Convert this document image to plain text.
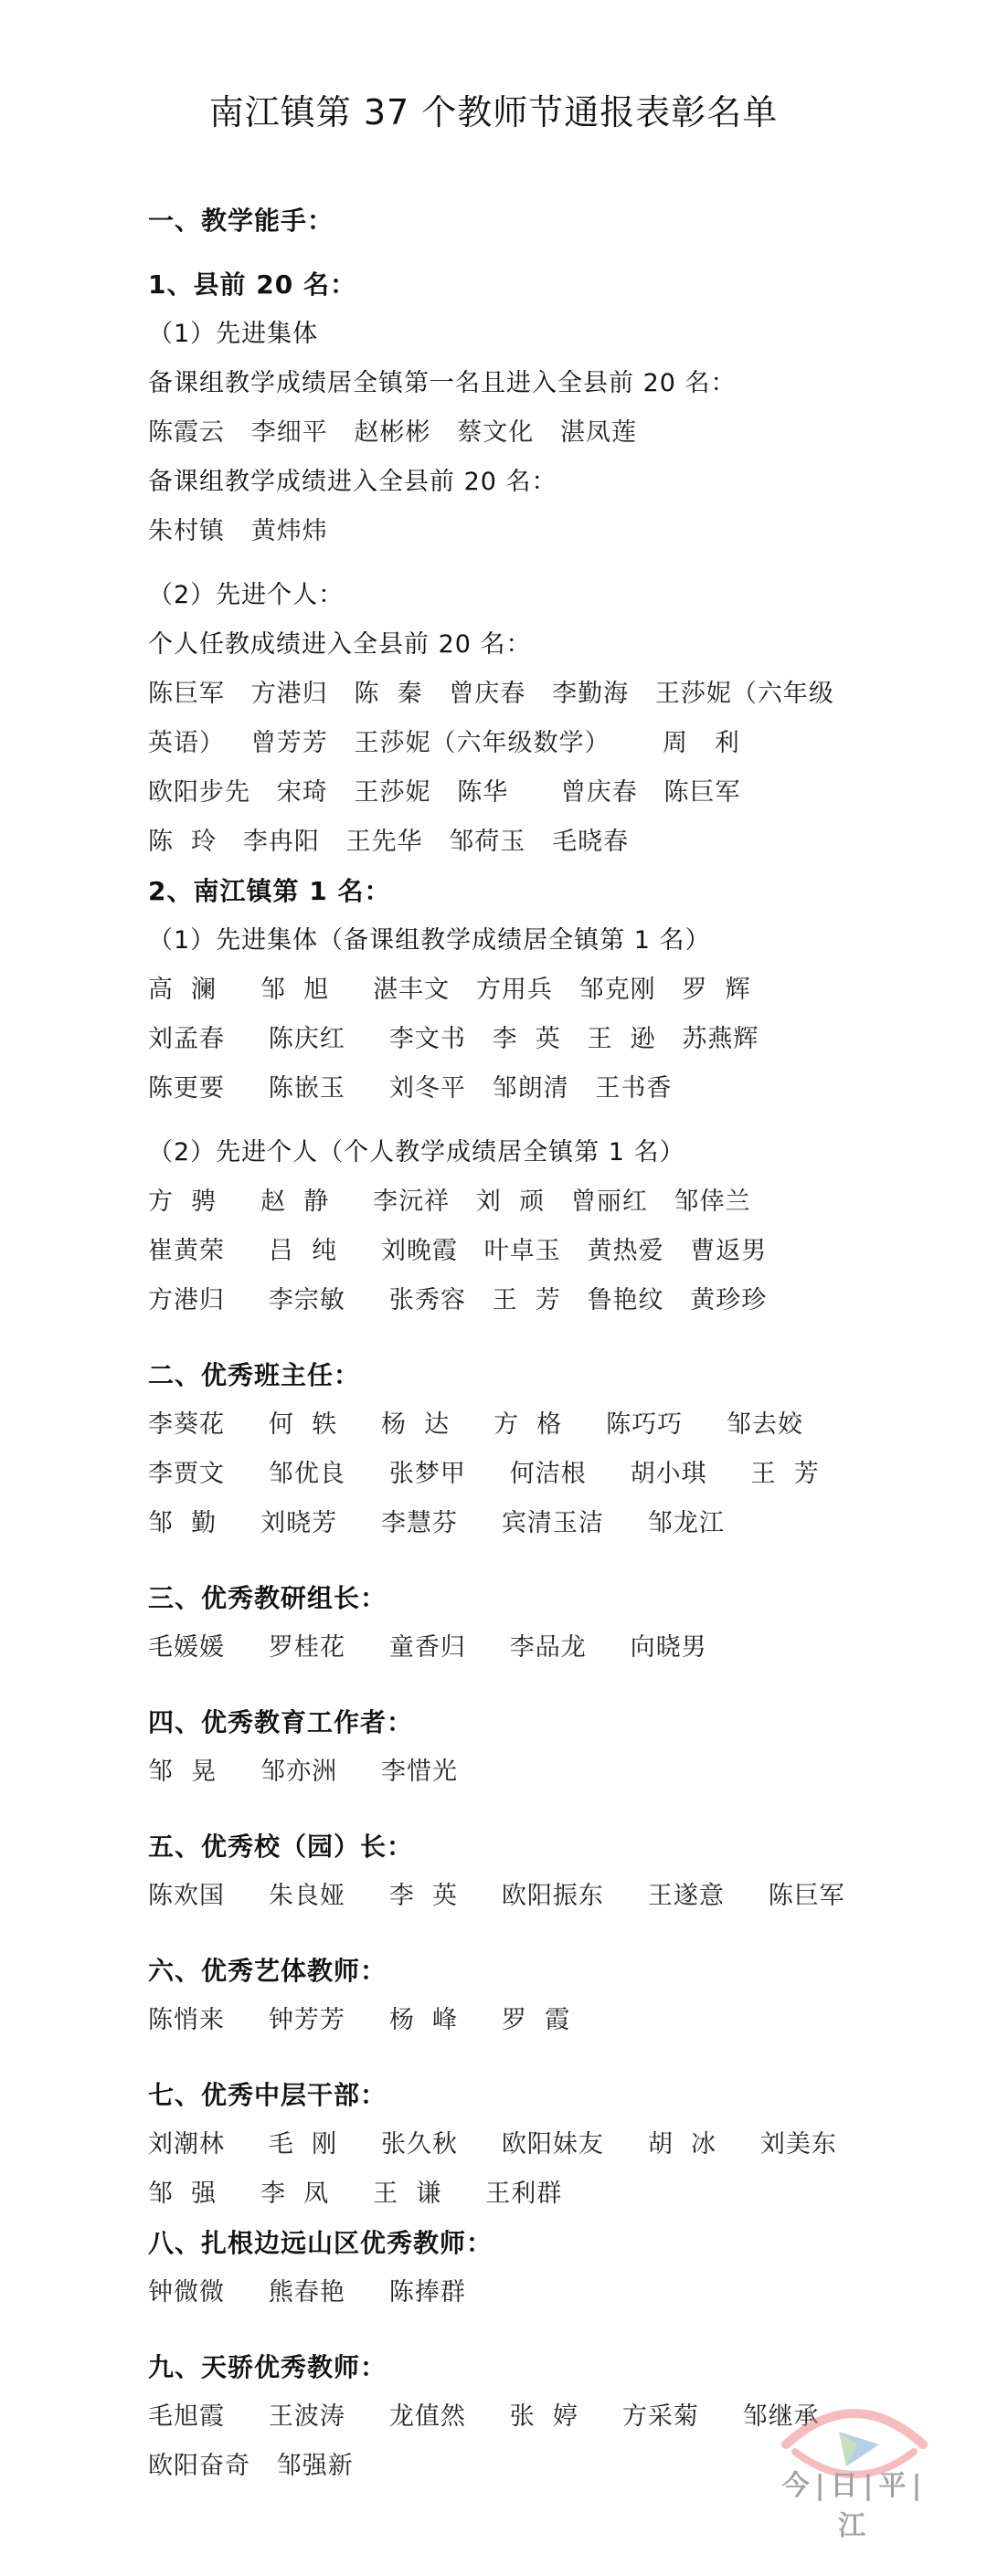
南江镇第 37 个教师节通报表彰名单
一、教学能手：
1、县前 20 名：
（1）先进集体
备课组教学成绩居全镇第一名且进入全县前 20 名：
陈霞云   李细平   赵彬彬   蔡文化   湛凤莲
备课组教学成绩进入全县前 20 名：
朱村镇   黄炜炜
（2）先进个人：
个人任教成绩进入全县前 20 名：
陈巨军   方港归   陈  秦   曾庆春   李勤海   王莎妮（六年级
英语）   曾芳芳   王莎妮（六年级数学）      周   利
欧阳步先   宋琦   王莎妮   陈华      曾庆春   陈巨军
陈  玲   李冉阳   王先华   邹荷玉   毛晓春
2、南江镇第 1 名：
（1）先进集体（备课组教学成绩居全镇第 1 名）
高  澜     邹  旭     湛丰文   方用兵   邹克刚   罗  辉
刘孟春     陈庆红     李文书   李  英   王  逊   苏燕辉
陈更要     陈嵌玉     刘冬平   邹朗清   王书香
（2）先进个人（个人教学成绩居全镇第 1 名）
方  骋     赵  静     李沅祥   刘  顽   曾丽红   邹倖兰
崔黄荣     吕  纯     刘晚霞   叶卓玉   黄热爱   曹返男
方港归     李宗敏     张秀容   王  芳   鲁艳纹   黄珍珍
二、优秀班主任：
李葵花     何  轶     杨  达     方  格     陈巧巧     邹去姣
李贾文     邹优良     张梦甲     何洁根     胡小琪     王  芳
邹  勤     刘晓芳     李慧芬     宾清玉洁     邹龙江
三、优秀教研组长：
毛媛媛     罗桂花     童香归     李品龙     向晓男
四、优秀教育工作者：
邹  晃     邹亦洲     李惜光
五、优秀校（园）长：
陈欢国     朱良娅     李  英     欧阳振东     王遂意     陈巨军
六、优秀艺体教师：
陈悄来     钟芳芳     杨  峰     罗  霞
七、优秀中层干部：
刘潮林     毛  刚     张久秋     欧阳妹友     胡  冰     刘美东
邹  强     李  凤     王  谦     王利群
八、扎根边远山区优秀教师：
钟微微     熊春艳     陈捧群
九、天骄优秀教师：
毛旭霞     王波涛     龙值然     张  婷     方采菊     邹继承
欧阳奋奇   邹强新
今|日|平|江
